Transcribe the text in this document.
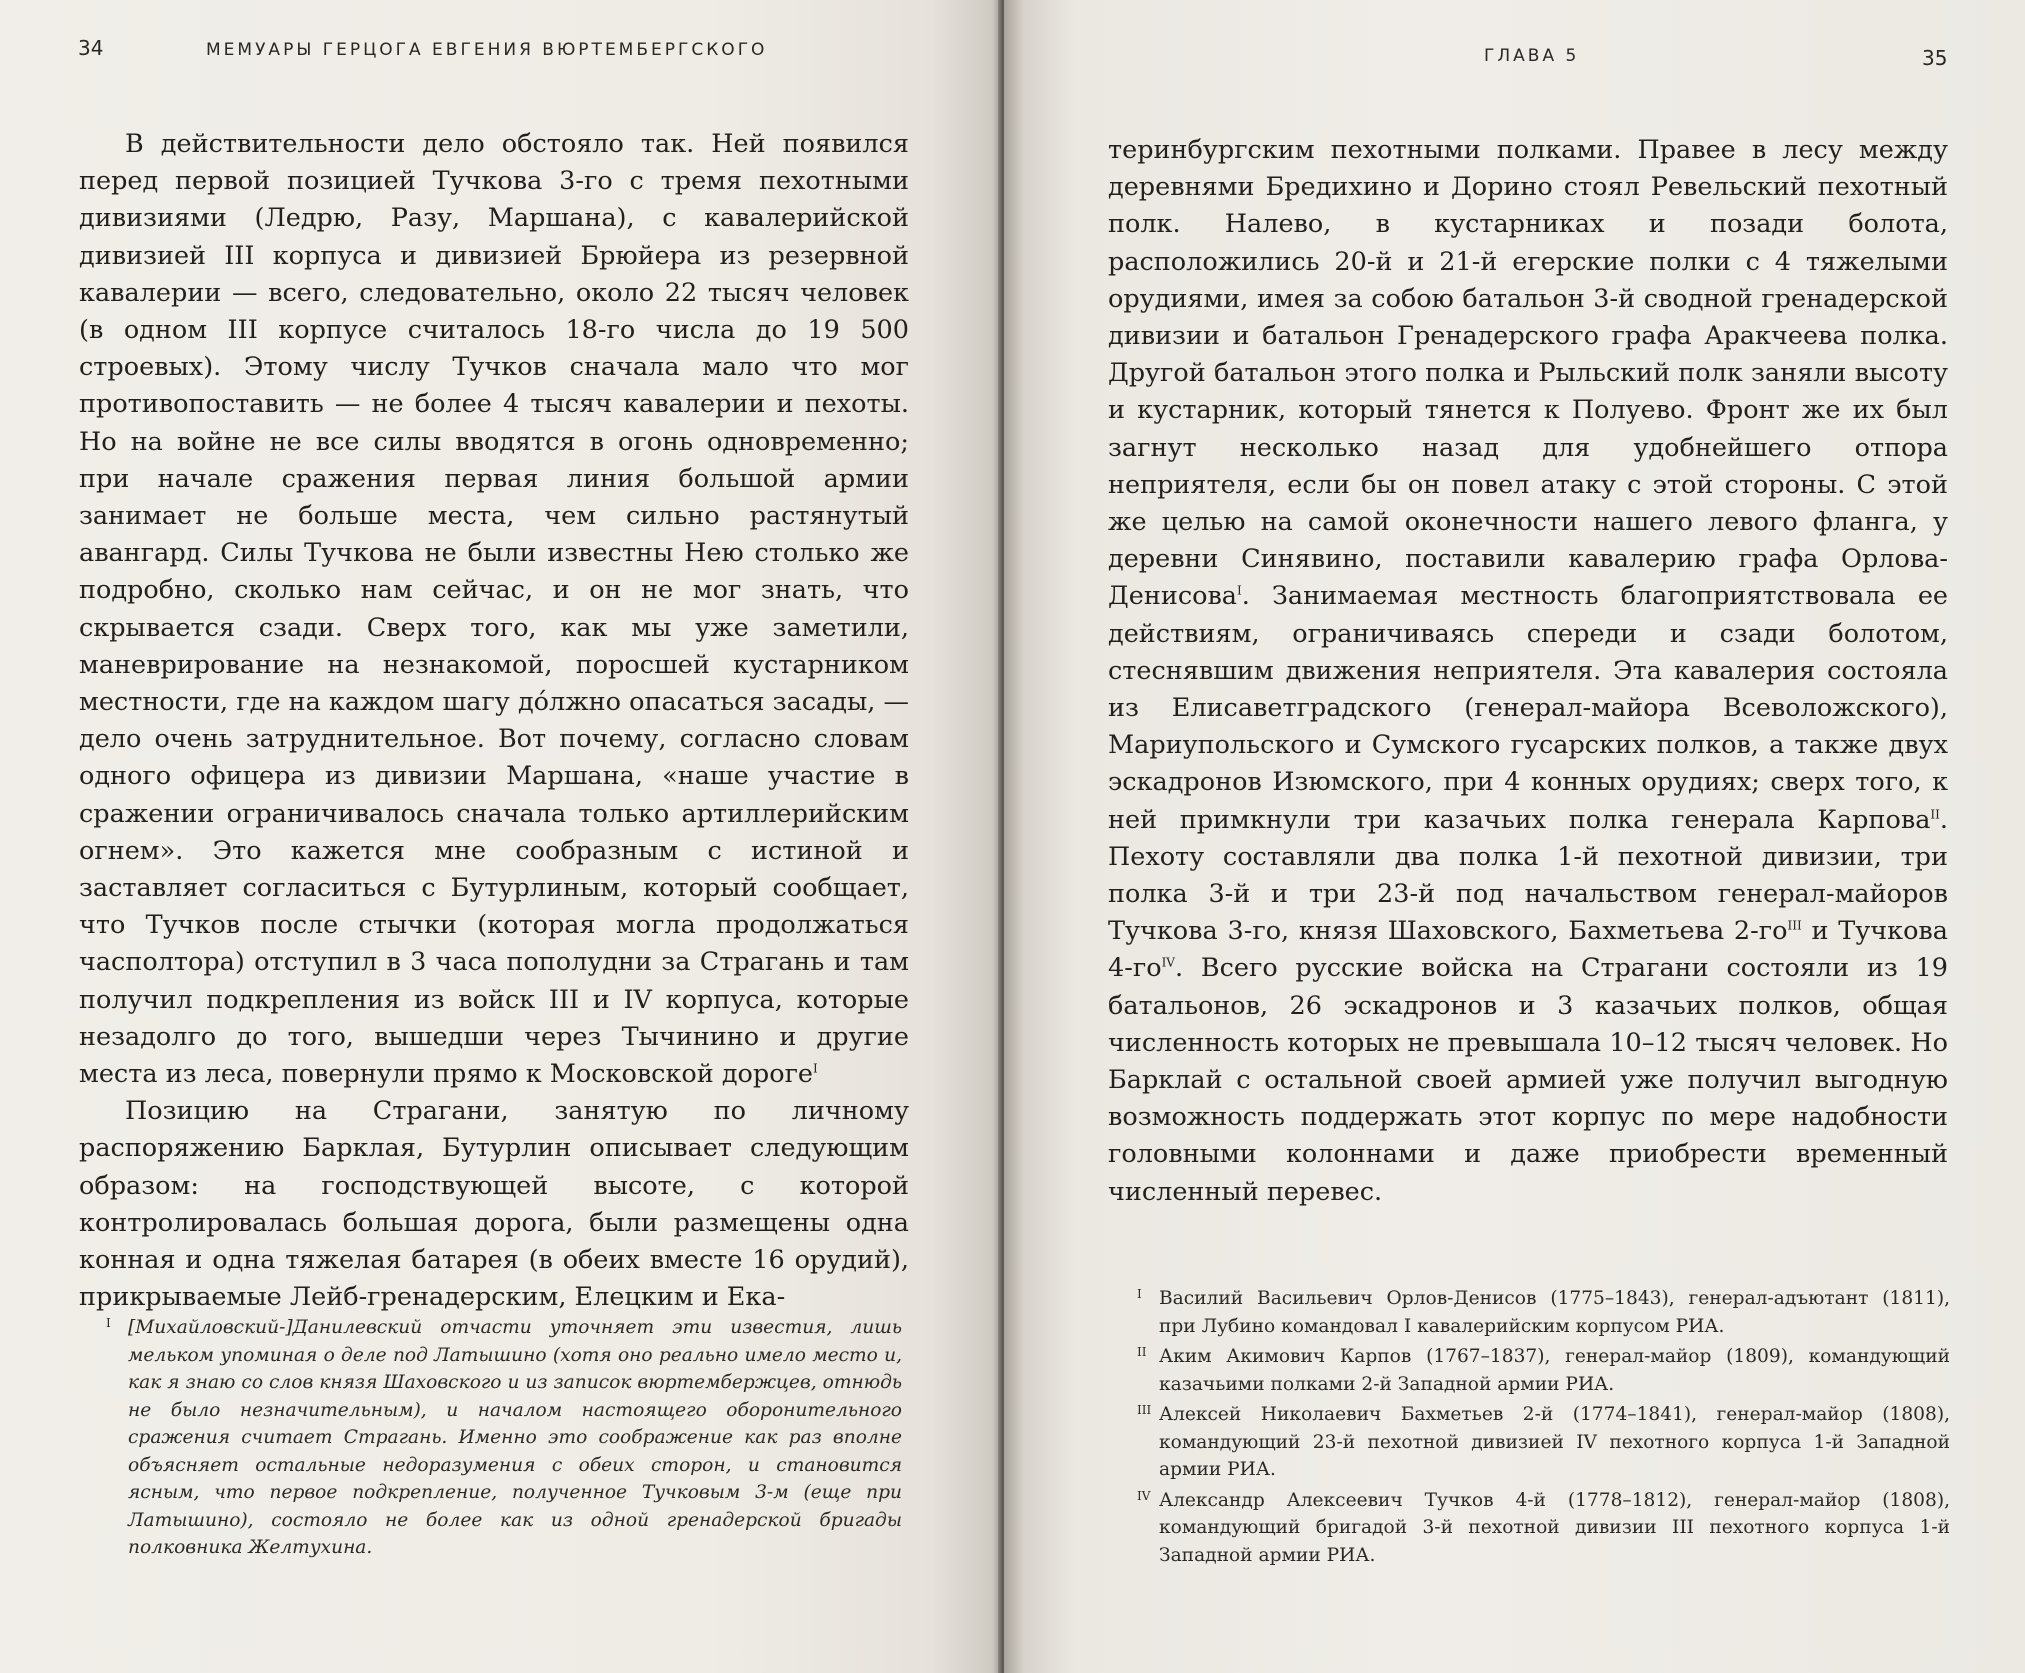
34	МЕМУАРЫ ГЕРЦОГА ЕВГЕНИЯ ВЮРТЕМБЕРГСКОГО

В действительности дело обстояло так. Ней появился перед первой позицией Тучкова 3-го с тремя пехотными дивизиями (Ледрю, Разу, Маршана), с кавалерийской дивизией III корпуса и дивизией Брюйера из резервной кавалерии — всего, следовательно, около 22 тысяч человек (в одном III корпусе считалось 18-го числа до 19 500 строевых). Этому числу Тучков сначала мало что мог противопоставить — не более 4 тысяч кавалерии и пехоты. Но на войне не все силы вводятся в огонь одновременно; при начале сражения первая линия большой армии занимает не больше места, чем сильно растянутый авангард. Силы Тучкова не были известны Нею столько же подробно, сколько нам сейчас, и он не мог знать, что скрывается сзади. Сверх того, как мы уже заметили, маневрирование на незнакомой, поросшей кустарником местности, где на каждом шагу до́лжно опасаться засады, — дело очень затруднительное. Вот почему, согласно словам одного офицера из дивизии Маршана, «наше участие в сражении ограничивалось сначала только артиллерийским огнем». Это кажется мне сообразным с истиной и заставляет согласиться с Бутурлиным, который сообщает, что Тучков после стычки (которая могла продолжаться часполтора) отступил в 3 часа пополудни за Страгань и там получил подкрепления из войск III и IV корпуса, которые незадолго до того, вышедши через Тычинино и другие места из леса, повернули прямо к Московской дороге$^I$

Позицию на Страгани, занятую по личному распоряжению Барклая, Бутурлин описывает следующим образом: на господствующей высоте, с которой контролировалась большая дорога, были размещены одна конная и одна тяжелая батарея (в обеих вместе 16 орудий), прикрываемые Лейб-гренадерским, Елецким и Ека-

I [Михайловский-]Данилевский отчасти уточняет эти известия, лишь мельком упоминая о деле под Латышино (хотя оно реально имело место и, как я знаю со слов князя Шаховского и из записок вюртембержцев, отнюдь не было незначительным), и началом настоящего оборонительного сражения считает Страгань. Именно это соображение как раз вполне объясняет остальные недоразумения с обеих сторон, и становится ясным, что первое подкрепление, полученное Тучковым 3-м (еще при Латышино), состояло не более как из одной гренадерской бригады полковника Желтухина.

ГЛАВА 5	35

теринбургским пехотными полками. Правее в лесу между деревнями Бредихино и Дорино стоял Ревельский пехотный полк. Налево, в кустарниках и позади болота, расположились 20-й и 21-й егерские полки с 4 тяжелыми орудиями, имея за собою батальон 3-й сводной гренадерской дивизии и батальон Гренадерского графа Аракчеева полка. Другой батальон этого полка и Рыльский полк заняли высоту и кустарник, который тянется к Полуево. Фронт же их был загнут несколько назад для удобнейшего отпора неприятеля, если бы он повел атаку с этой стороны. С этой же целью на самой оконечности нашего левого фланга, у деревни Синявино, поставили кавалерию графа Орлова-Денисова$^I$. Занимаемая местность благоприятствовала ее действиям, ограничиваясь спереди и сзади болотом, стеснявшим движения неприятеля. Эта кавалерия состояла из Елисаветградского (генерал-майора Всеволожского), Мариупольского и Сумского гусарских полков, а также двух эскадронов Изюмского, при 4 конных орудиях; сверх того, к ней примкнули три казачьих полка генерала Карпова$^{II}$. Пехоту составляли два полка 1-й пехотной дивизии, три полка 3-й и три 23-й под начальством генерал-майоров Тучкова 3-го, князя Шаховского, Бахметьева $2-го^{III}$ и Тучкова $4-го^{IV}$. Всего русские войска на Страгани состояли из 19 батальонов, 26 эскадронов и 3 казачьих полков, общая численность которых не превышала 10–12 тысяч человек. Но Барклай с остальной своей армией уже получил выгодную возможность поддержать этот корпус по мере надобности головными колоннами и даже приобрести временный численный перевес.

I Василий Васильевич Орлов-Денисов (1775–1843), генерал-адъютант (1811), при Лубино командовал I кавалерийским корпусом РИА.
II Аким Акимович Карпов (1767–1837), генерал-майор (1809), командующий казачьими полками 2-й Западной армии РИА.
III Алексей Николаевич Бахметьев 2-й (1774–1841), генерал-майор (1808), командующий 23-й пехотной дивизией IV пехотного корпуса 1-й Западной армии РИА.
IV Александр Алексеевич Тучков 4-й (1778–1812), генерал-майор (1808), командующий бригадой 3-й пехотной дивизии III пехотного корпуса 1-й Западной армии РИА.
